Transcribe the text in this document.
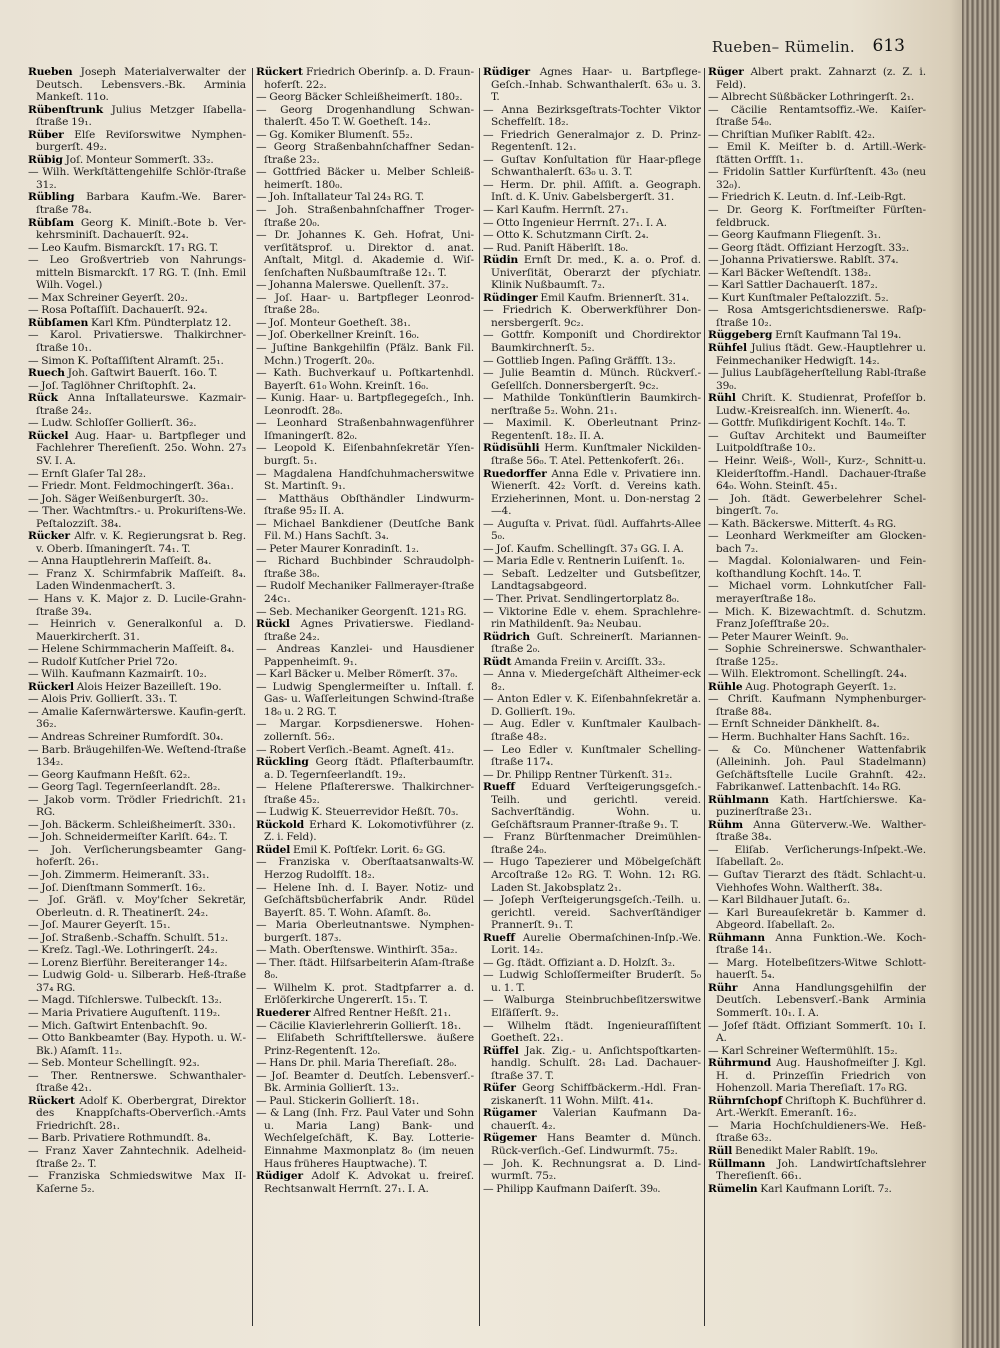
Rueben– Rümelin. 613

Rueben Joseph Materialverwalter der Deutsch. Lebensvers.-Bk. Arminia Mankeſt. 11o.

Rübenſtrunk Julius Metzger Iſabella-ſtraße 19₁.

Rüber Elſe Reviſorswitwe Nymphen-burgerſt. 49₂.

Rübig Joſ. Monteur Sommerſt. 33₂.

— Wilh. Werkſtättengehilfe Schlör-ſtraße 31₂.

Rübling Barbara Kaufm.-We. Barer-ſtraße 78₄.

Rübſam Georg K. Miniſt.-Bote b. Ver-kehrsminiſt. Dachauerſt. 92₄.

— Leo Kaufm. Bismarckſt. 17₁ RG. T.

— Leo Großvertrieb von Nahrungs-mitteln Bismarckſt. 17 RG. T. (Inh. Emil Wilh. Vogel.)

— Max Schreiner Geyerſt. 20₂.

— Rosa Poſtaſſiſt. Dachauerſt. 92₄.

Rübſamen Karl Kfm. Pündterplatz 12.

— Karol. Privatierswe. Thalkirchner-ſtraße 10₁.

— Simon K. Poſtaſſiſtent Alramſt. 25₁.

Ruech Joh. Gaſtwirt Bauerſt. 16o. T.

— Joſ. Taglöhner Chriſtophſt. 2₄.

Rück Anna Inſtallateurswe. Kazmair-ſtraße 24₂.

— Ludw. Schloſſer Gollierſt. 36₂.

Rückel Aug. Haar- u. Bartpfleger und Fachlehrer Thereſienſt. 25o. Wohn. 27₃ SV. I. A.

— Ernſt Glaſer Tal 28₂.

— Friedr. Mont. Feldmochingerſt. 36a₁.

— Joh. Säger Weißenburgerſt. 30₂.

— Ther. Wachtmſtrs.- u. Prokuriſtens-We. Peſtalozziſt. 38₄.

Rücker Alfr. v. K. Regierungsrat b. Reg. v. Oberb. Iſmaningerſt. 74₁. T.

— Anna Hauptlehrerin Maſſeiſt. 8₄.

— Franz X. Schirmfabrik Maſſeiſt. 8₄. Laden Windenmacherſt. 3.

— Hans v. K. Major z. D. Lucile-Grahn-ſtraße 39₄.

— Heinrich v. Generalkonſul a. D. Mauerkircherſt. 31.

— Helene Schirmmacherin Maſſeiſt. 8₄.

— Rudolf Kutſcher Priel 72o.

— Wilh. Kaufmann Kazmairſt. 10₂.

Rückerl Alois Heizer Bazeilleſt. 19o.

— Alois Priv. Gollierſt. 33₁. T.

— Amalie Kaſernwärterswe. Kaufin-gerſt. 36₂.

— Andreas Schreiner Rumfordſt. 30₄.

— Barb. Bräugehilfen-We. Weſtend-ſtraße 134₂.

— Georg Kaufmann Heßſt. 62₂.

— Georg Tagl. Tegernſeerlandſt. 28₂.

— Jakob vorm. Trödler Friedrichſt. 21₁ RG.

— Joh. Bäckerm. Schleißheimerſt. 330₁.

— Joh. Schneidermeiſter Karlſt. 64₂. T.

— Joh. Verſicherungsbeamter Gang-hoferſt. 26₁.

— Joh. Zimmerm. Heimeranſt. 33₁.

— Joſ. Dienſtmann Sommerſt. 16₂.

— Joſ. Gräfl. v. Moy'ſcher Sekretär, Oberleutn. d. R. Theatinerſt. 24₂.

— Joſ. Maurer Geyerſt. 15₁.

— Joſ. Straßenb.-Schaffn. Schulſt. 51₂.

— Kreſz. Tagl.-We. Lothringerſt. 24₂.

— Lorenz Bierführ. Bereiteranger 14₂.

— Ludwig Gold- u. Silberarb. Heß-ſtraße 37₄ RG.

— Magd. Tiſchlerswe. Tulbeckſt. 13₂.

— Maria Privatiere Auguſtenſt. 119₂.

— Mich. Gaſtwirt Entenbachſt. 9o.

— Otto Bankbeamter (Bay. Hypoth. u. W.-Bk.) Aſamſt. 11₂.

— Seb. Monteur Schellingſt. 92₃.

— Ther. Rentnerswe. Schwanthaler-ſtraße 42₁.

Rückert Adolf K. Oberbergrat, Direktor des Knappſchafts-Oberverſich.-Amts Friedrichſt. 28₁.

— Barb. Privatiere Rothmundſt. 8₄.

— Franz Xaver Zahntechnik. Adelheid-ſtraße 2₂. T.

— Franziska Schmiedswitwe Max II-Kaſerne 5₂.

Rückert Friedrich Oberinſp. a. D. Fraun-hoferſt. 22₂.

— Georg Bäcker Schleißheimerſt. 180₂.

— Georg Drogenhandlung Schwan-thalerſt. 45o T. W. Goetheſt. 14₂.

— Gg. Komiker Blumenſt. 55₂.

— Georg Straßenbahnſchaffner Sedan-ſtraße 23₂.

— Gottfried Bäcker u. Melber Schleiß-heimerſt. 180₀.

— Joh. Inſtallateur Tal 24₃ RG. T.

— Joh. Straßenbahnſchaffner Troger-ſtraße 20₀.

— Dr. Johannes K. Geh. Hofrat, Uni-verſitätsprof. u. Direktor d. anat. Anſtalt, Mitgl. d. Akademie d. Wiſ-ſenſchaften Nußbaumſtraße 12₁. T.

— Johanna Malerswe. Quellenſt. 37₂.

— Joſ. Haar- u. Bartpfleger Leonrod-ſtraße 28₀.

— Joſ. Monteur Goetheſt. 38₁.

— Joſ. Oberkellner Kreinſt. 16₀.

— Juſtine Bankgehilfin (Pfälz. Bank Fil. Mchn.) Trogerſt. 20₀.

— Kath. Buchverkauf u. Poſtkartenhdl. Bayerſt. 61₀ Wohn. Kreinſt. 16₀.

— Kunig. Haar- u. Bartpflegegeſch., Inh. Leonrodſt. 28₀.

— Leonhard Straßenbahnwagenführer Iſmaningerſt. 82₀.

— Leopold K. Eiſenbahnſekretär Yſen-burgſt. 5₁.

— Magdalena Handſchuhmacherswitwe St. Martinſt. 9₁.

— Matthäus Obſthändler Lindwurm-ſtraße 95₂ II. A.

— Michael Bankdiener (Deutſche Bank Fil. M.) Hans Sachſt. 3₄.

— Peter Maurer Konradinſt. 1₂.

— Richard Buchbinder Schraudolph-ſtraße 38₀.

— Rudolf Mechaniker Fallmerayer-ſtraße 24c₁.

— Seb. Mechaniker Georgenſt. 121₃ RG.

Rückl Agnes Privatierswe. Fiedland-ſtraße 24₂.

— Andreas Kanzlei- und Hausdiener Pappenheimſt. 9₁.

— Karl Bäcker u. Melber Römerſt. 37₀.

— Ludwig Spenglermeiſter u. Inſtall. f. Gas- u. Waſſerleitungen Schwind-ſtraße 18₀ u. 2 RG. T.

— Margar. Korpsdienerswe. Hohen-zollernſt. 56₂.

— Robert Verſich.-Beamt. Agneſt. 41₂.

Rückling Georg ſtädt. Pflaſterbaumſtr. a. D. Tegernſeerlandſt. 19₂.

— Helene Pflaſtererswe. Thalkirchner-ſtraße 45₂.

— Ludwig K. Steuerrevidor Heßſt. 70₃.

Rückold Erhard K. Lokomotivführer (z. Z. i. Feld).

Rüdel Emil K. Poſtſekr. Lorit. 6₂ GG.

— Franziska v. Oberſtaatsanwalts-W. Herzog Rudolfſt. 18₂.

— Helene Inh. d. I. Bayer. Notiz- und Geſchäftsbücherfabrik Andr. Rüdel Bayerſt. 85. T. Wohn. Aſamſt. 8₀.

— Maria Oberleutnantswe. Nymphen-burgerſt. 187₃.

— Math. Oberſtenswe. Winthirſt. 35a₂.

— Ther. ſtädt. Hilfsarbeiterin Aſam-ſtraße 8₀.

— Wilhelm K. prot. Stadtpfarrer a. d. Erlöſerkirche Ungererſt. 15₁. T.

Ruederer Alfred Rentner Heßſt. 21₁.

— Cäcilie Klavierlehrerin Gollierſt. 18₁.

— Eliſabeth Schriftſtellerswe. äußere Prinz-Regentenſt. 12₀.

— Hans Dr. phil. Maria Thereſiaſt. 28₀.

— Joſ. Beamter d. Deutſch. Lebensverſ.-Bk. Arminia Gollierſt. 13₂.

— Paul. Stickerin Gollierſt. 18₁.

— & Lang (Inh. Frz. Paul Vater und Sohn u. Maria Lang) Bank- und Wechſelgeſchäft, K. Bay. Lotterie-Einnahme Maxmonplatz 8₀ (im neuen Haus früheres Hauptwache). T.

Rüdiger Adolf K. Advokat u. freireſ. Rechtsanwalt Herrnſt. 27₁. I. A.

Rüdiger Agnes Haar- u. Bartpflege-Geſch.-Inhab. Schwanthalerſt. 63₀ u. 3. T.

— Anna Bezirksgeſtrats-Tochter Viktor Scheffelſt. 18₂.

— Friedrich Generalmajor z. D. Prinz-Regentenſt. 12₁.

— Guſtav Konſultation für Haar-pflege Schwanthalerſt. 63₀ u. 3. T.

— Herm. Dr. phil. Aſſiſt. a. Geograph. Inſt. d. K. Univ. Gabelsbergerſt. 31.

— Karl Kaufm. Herrnſt. 27₁.

— Otto Ingenieur Herrnſt. 27₁. I. A.

— Otto K. Schutzmann Cirſt. 2₄.

— Rud. Paniſt Häberlſt. 18₀.

Rüdin Ernſt Dr. med., K. a. o. Prof. d. Univerſität, Oberarzt der pſychiatr. Klinik Nußbaumſt. 7₂.

Rüdinger Emil Kaufm. Briennerſt. 31₄.

— Friedrich K. Oberwerkführer Don-nersbergerſt. 9c₂.

— Gottfr. Komponiſt und Chordirektor Baumkirchnerſt. 5₂.

— Gottlieb Ingen. Paſing Gräffſt. 13₂.

— Julie Beamtin d. Münch. Rückverſ.-Geſellſch. Donnersbergerſt. 9c₂.

— Mathilde Tonkünſtlerin Baumkirch-nerſtraße 5₂. Wohn. 21₁.

— Maximil. K. Oberleutnant Prinz-Regentenſt. 18₂. II. A.

Rüdisühli Herm. Kunſtmaler Nickilden-ſtraße 56₀. T. Atel. Pettenkoferſt. 26₁.

Ruedorffer Anna Edle v. Privatiere inn. Wienerſt. 42₂ Vorſt. d. Vereins kath. Erzieherinnen, Mont. u. Don-nerstag 2—4.

— Auguſta v. Privat. ſüdl. Auffahrts-Allee 5₀.

— Joſ. Kaufm. Schellingſt. 37₃ GG. I. A.

— Maria Edle v. Rentnerin Luiſenſt. 1₀.

— Sebaſt. Ledzelter und Gutsbeſitzer, Landtagsabgeord.

— Ther. Privat. Sendlingertorplatz 8₀.

— Viktorine Edle v. ehem. Sprachlehre-rin Mathildenſt. 9a₂ Neubau.

Rüdrich Guſt. Schreinerſt. Mariannen-ſtraße 2₀.

Rüdt Amanda Freiin v. Arciſſt. 33₂.

— Anna v. Miedergeſchäft Altheimer-eck 8₂.

— Anton Edler v. K. Eiſenbahnſekretär a. D. Gollierſt. 19₀.

— Aug. Edler v. Kunſtmaler Kaulbach-ſtraße 48₂.

— Leo Edler v. Kunſtmaler Schelling-ſtraße 117₄.

— Dr. Philipp Rentner Türkenſt. 31₂.

Rueff Eduard Verſteigerungsgeſch.-Teilh. und gerichtl. vereid. Sachverſtändig. Wohn. u. Geſchäftsraum Pranner-ſtraße 9₁. T.

— Franz Bürſtenmacher Dreimühlen-ſtraße 24₀.

— Hugo Tapezierer und Möbelgeſchäft Arcoſtraße 12₀ RG. T. Wohn. 12₁ RG. Laden St. Jakobsplatz 2₁.

— Joſeph Verſteigerungsgeſch.-Teilh. u. gerichtl. vereid. Sachverſtändiger Prannerſt. 9₁. T.

Rueff Aurelie Obermaſchinen-Inſp.-We. Lorit. 14₂.

— Gg. ſtädt. Offiziant a. D. Holzſt. 3₂.

— Ludwig Schloſſermeiſter Bruderſt. 5₀ u. 1. T.

— Walburga Steinbruchbeſitzerswitwe Elſäſſerſt. 9₂.

— Wilhelm ſtädt. Ingenieuraſſiſtent Goetheſt. 22₁.

Rüffel Jak. Zig.- u. Anſichtspoſtkarten-handlg. Schulſt. 28₁ Lad. Dachauer-ſtraße 37. T.

Rüfer Georg Schiffbäckerm.-Hdl. Fran-ziskanerſt. 11 Wohn. Milſt. 41₄.

Rügamer Valerian Kaufmann Da-chauerſt. 4₂.

Rügemer Hans Beamter d. Münch. Rück-verſich.-Geſ. Lindwurmſt. 75₂.

— Joh. K. Rechnungsrat a. D. Lind-wurmſt. 75₂.

— Philipp Kaufmann Daiſerſt. 39₀.

Rüger Albert prakt. Zahnarzt (z. Z. i. Feld).

— Albrecht Süßbäcker Lothringerſt. 2₁.

— Cäcilie Rentamtsoffiz.-We. Kaiſer-ſtraße 54₀.

— Chriſtian Muſiker Rablſt. 42₂.

— Emil K. Meiſter b. d. Artill.-Werk-ſtätten Orffſt. 1₁.

— Fridolin Sattler Kurfürſtenſt. 43₀ (neu 32₀).

— Friedrich K. Leutn. d. Inf.-Leib-Rgt.

— Dr. Georg K. Forſtmeiſter Fürſten-feldbruck.

— Georg Kaufmann Fliegenſt. 3₁.

— Georg ſtädt. Offiziant Herzogſt. 33₂.

— Johanna Privatierswe. Rablſt. 37₄.

— Karl Bäcker Weſtendſt. 138₂.

— Karl Sattler Dachauerſt. 187₂.

— Kurt Kunſtmaler Peſtalozziſt. 5₂.

— Rosa Amtsgerichtsdienerswe. Raſp-ſtraße 10₂.

Rüggeberg Ernſt Kaufmann Tal 19₄.

Rühfel Julius ſtädt. Gew.-Hauptlehrer u. Feinmechaniker Hedwigſt. 14₂.

— Julius Laubſägeherſtellung Rabl-ſtraße 39₀.

Rühl Chriſt. K. Studienrat, Profeſſor b. Ludw.-Kreisrealſch. inn. Wienerſt. 4₀.

— Gottfr. Muſikdirigent Kochſt. 14₀. T.

— Guſtav Architekt und Baumeiſter Luitpoldſtraße 10₂.

— Heinr. Weiß-, Woll-, Kurz-, Schnitt-u. Kleiderſtoffm.-Handl. Dachauer-ſtraße 64₀. Wohn. Steinſt. 45₁.

— Joh. ſtädt. Gewerbelehrer Schel-bingerſt. 7₀.

— Kath. Bäckerswe. Mitterſt. 4₃ RG.

— Leonhard Werkmeiſter am Glocken-bach 7₂.

— Magdal. Kolonialwaren- und Fein-koſthandlung Kochſt. 14₀. T.

— Michael vorm. Lohnkutſcher Fall-merayerſtraße 18₀.

— Mich. K. Bizewachtmſt. d. Schutzm. Franz Joſefſtraße 20₂.

— Peter Maurer Weinſt. 9₀.

— Sophie Schreinerswe. Schwanthaler-ſtraße 125₂.

— Wilh. Elektromont. Schellingſt. 24₄.

Rühle Aug. Photograph Geyerſt. 1₂.

— Chriſt. Kaufmann Nymphenburger-ſtraße 88₄.

— Ernſt Schneider Dänkhelſt. 8₄.

— Herm. Buchhalter Hans Sachſt. 16₂.

— & Co. Münchener Wattenfabrik (Alleininh. Joh. Paul Stadelmann) Geſchäftsſtelle Lucile Grahnſt. 42₂. Fabrikanweſ. Lattenbachſt. 14₀ RG.

Rühlmann Kath. Hartſchierswe. Ka-puzinerſtraße 23₁.

Rühm Anna Güterverw.-We. Walther-ſtraße 38₄.

— Eliſab. Verſicherungs-Inſpekt.-We. Iſabellaſt. 2₀.

— Guſtav Tierarzt des ſtädt. Schlacht-u. Viehhofes Wohn. Waltherſt. 38₄.

— Karl Bildhauer Jutaſt. 6₂.

— Karl Bureauſekretär b. Kammer d. Abgeord. Iſabellaſt. 2₀.

Rühmann Anna Funktion.-We. Koch-ſtraße 14₁.

— Marg. Hotelbeſitzers-Witwe Schlott-hauerſt. 5₄.

Rühr Anna Handlungsgehilfin der Deutſch. Lebensverſ.-Bank Arminia Sommerſt. 10₁. I. A.

— Joſef ſtädt. Offiziant Sommerſt. 10₁ I. A.

— Karl Schreiner Weſtermühlſt. 15₂.

Rührmund Aug. Haushofmeiſter J. Kgl. H. d. Prinzeſſin Friedrich von Hohenzoll. Maria Thereſiaſt. 17₀ RG.

Rührnſchopf Chriſtoph K. Buchführer d. Art.-Werkſt. Emeranſt. 16₂.

— Maria Hochſchuldieners-We. Heß-ſtraße 63₂.

Rüll Benedikt Maler Rablſt. 19₀.

Rüllmann Joh. Landwirtſchaftslehrer Thereſienſt. 66₁.

Rümelin Karl Kaufmann Loriſt. 7₂.
